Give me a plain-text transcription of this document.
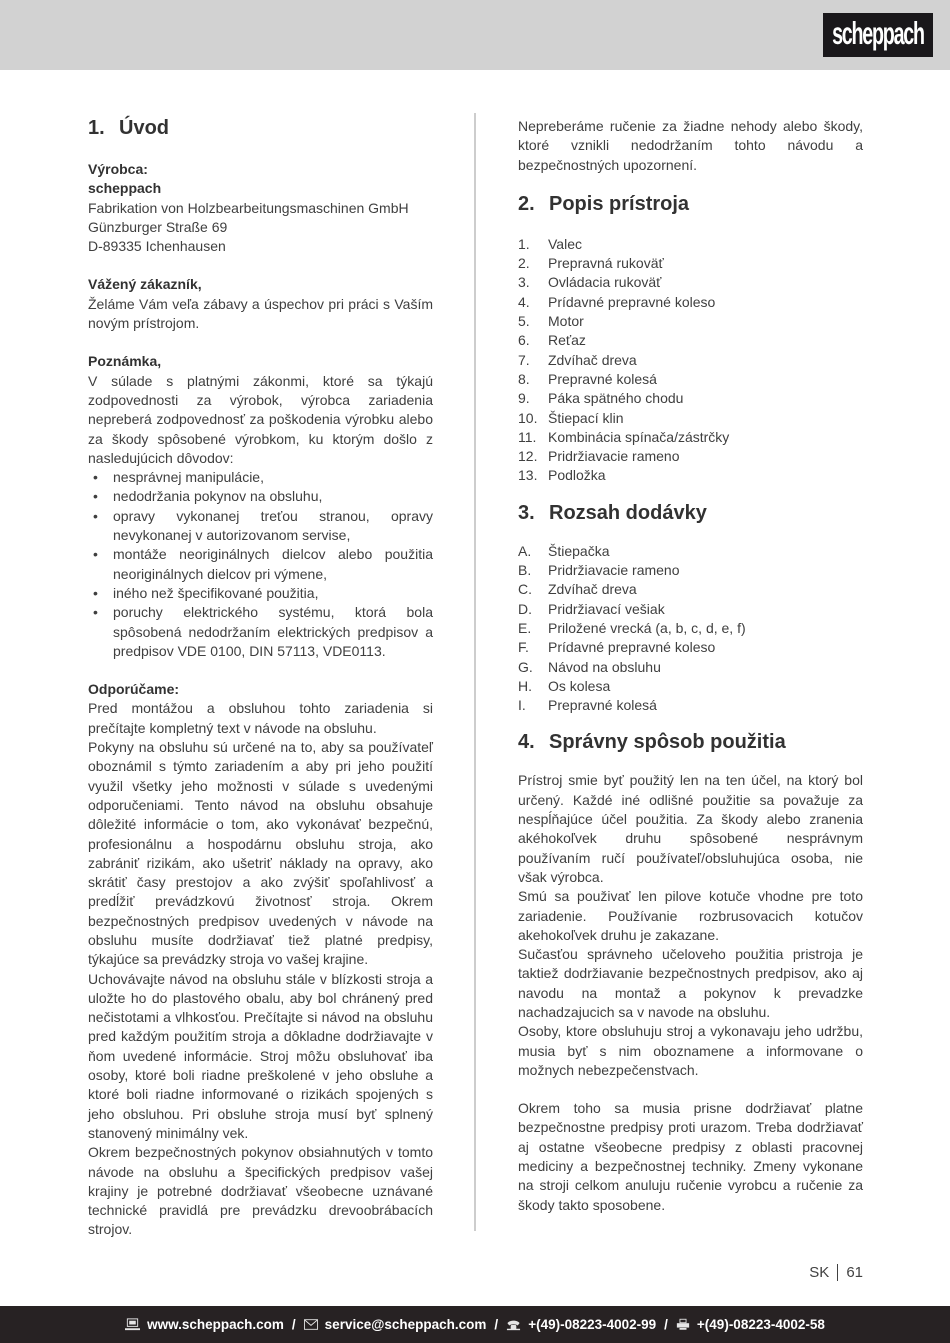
scheppach
1. Úvod

Výrobca:

scheppach

Fabrikation von Holzbearbeitungsmaschinen GmbH

Günzburger Straße 69

D-89335 Ichenhausen

Vážený zákazník,

Želáme Vám veľa zábavy a úspechov pri práci s Vaším novým prístrojom.

Poznámka,

V súlade s platnými zákonmi, ktoré sa týkajú zodpovednosti za výrobok, výrobca zariadenia nepreberá zodpovednosť za poškodenia výrobku alebo za škody spôsobené výrobkom, ku ktorým došlo z nasledujúcich dôvodov:

•	nesprávnej manipulácie,
•	nedodržania pokynov na obsluhu,
•	opravy vykonanej treťou stranou, opravy nevykonanej v autorizovanom servise,
•	montáže neoriginálnych dielcov alebo použitia neoriginálnych dielcov pri výmene,
•	iného než špecifikované použitia,
•	poruchy elektrického systému, ktorá bola spôsobená nedodržaním elektrických predpisov a predpisov VDE 0100, DIN 57113, VDE0113.

Odporúčame:

Pred montážou a obsluhou tohto zariadenia si prečítajte kompletný text v návode na obsluhu.

Pokyny na obsluhu sú určené na to, aby sa používateľ oboznámil s týmto zariadením a aby pri jeho použití využil všetky jeho možnosti v súlade s uvedenými odporučeniami. Tento návod na obsluhu obsahuje dôležité informácie o tom, ako vykonávať bezpečnú, profesionálnu a hospodárnu obsluhu stroja, ako zabrániť rizikám, ako ušetriť náklady na opravy, ako skrátiť časy prestojov a ako zvýšiť spoľahlivosť a predĺžiť prevádzkovú životnosť stroja. Okrem bezpečnostných predpisov uvedených v návode na obsluhu musíte dodržiavať tiež platné predpisy, týkajúce sa prevádzky stroja vo vašej krajine.

Uchovávajte návod na obsluhu stále v blízkosti stroja a uložte ho do plastového obalu, aby bol chránený pred nečistotami a vlhkosťou. Prečítajte si návod na obsluhu pred každým použitím stroja a dôkladne dodržiavajte v ňom uvedené informácie. Stroj môžu obsluhovať iba osoby, ktoré boli riadne preškolené v jeho obsluhe a ktoré boli riadne informované o rizikách spojených s jeho obsluhou. Pri obsluhe stroja musí byť splnený stanovený minimálny vek.

Okrem bezpečnostných pokynov obsiahnutých v tomto návode na obsluhu a špecifických predpisov vašej krajiny je potrebné dodržiavať všeobecne uznávané technické pravidlá pre prevádzku drevoobrábacích strojov.

Nepreberáme ručenie za žiadne nehody alebo škody, ktoré vznikli nedodržaním tohto návodu a bezpečnostných upozornení.

2. Popis prístroja
1.	Valec
2.	Prepravná rukoväť
3.	Ovládacia rukoväť
4.	Prídavné prepravné koleso
5.	Motor
6.	Reťaz
7.	Zdvíhač dreva
8.	Prepravné kolesá
9.	Páka spätného chodu
10. Štiepací klin
11. Kombinácia spínača/zástrčky
12. Pridržiavacie rameno
13. Podložka
3. Rozsah dodávky
A.	Štiepačka
B.	Pridržiavacie rameno
C.	Zdvíhač dreva
D.	Pridržiavací vešiak
E.	Priložené vrecká (a, b, c, d, e, f)
F.	Prídavné prepravné koleso
G.	Návod na obsluhu
H.	Os kolesa
I.	Prepravné kolesá
4. Správny spôsob použitia

Prístroj smie byť použitý len na ten účel, na ktorý bol určený. Každé iné odlišné použitie sa považuje za nespĺňajúce účel použitia. Za škody alebo zranenia akéhokoľvek druhu spôsobené nesprávnym používaním ručí používateľ/obsluhujúca osoba, nie však výrobca.

Smú sa použivať len pilove kotuče vhodne pre toto zariadenie. Používanie rozbrusovacich kotučov akehokoľvek druhu je zakazane.

Sučasťou správneho učeloveho použitia pristroja je taktiež dodržiavanie bezpečnostnych predpisov, ako aj navodu na montaž a pokynov k prevadzke nachadzajucich sa v navode na obsluhu.

Osoby, ktore obsluhuju stroj a vykonavaju jeho udržbu, musia byť s nim oboznamene a informovane o možnych nebezpečenstvach.

Okrem toho sa musia prisne dodržiavať platne bezpečnostne predpisy proti urazom. Treba dodržiavať aj ostatne všeobecne predpisy z oblasti pracovnej mediciny a bezpečnostnej techniky. Zmeny vykonane na stroji celkom anuluju ručenie vyrobcu a ručenie za škody takto sposobene.

SK 61
www.scheppach.com / service@scheppach.com / +(49)-08223-4002-99 / +(49)-08223-4002-58
